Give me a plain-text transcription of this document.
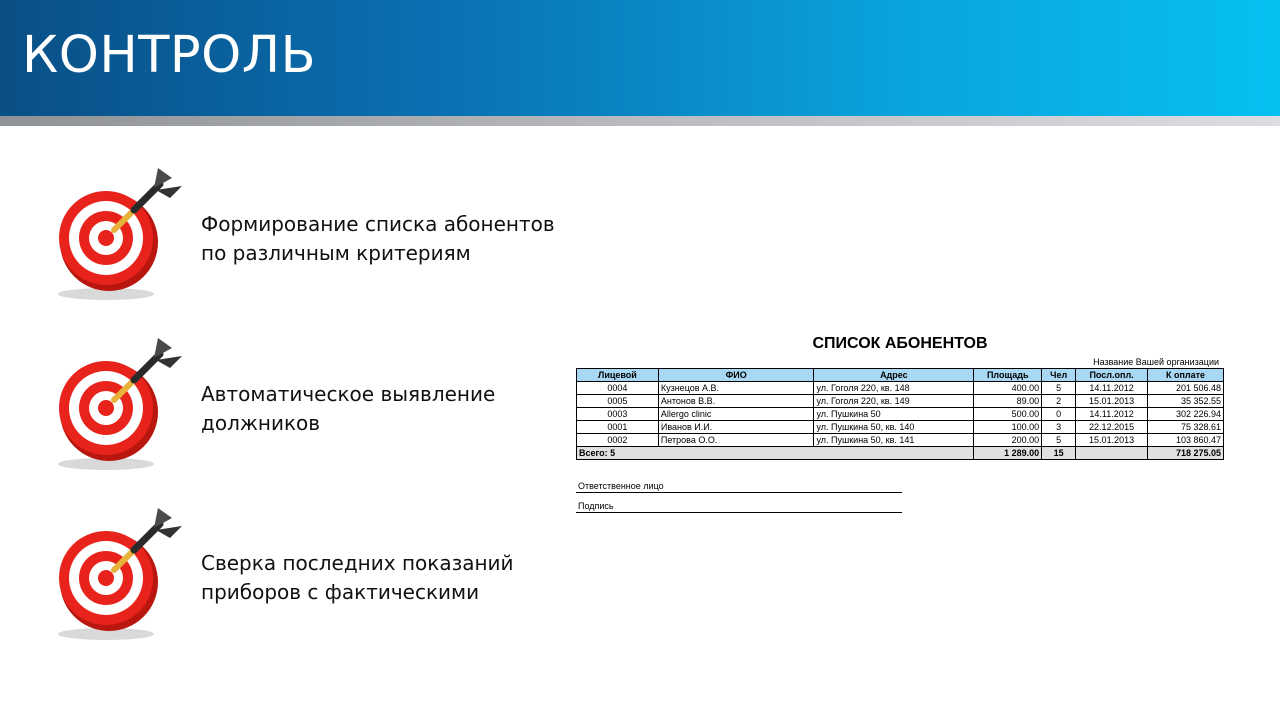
КОНТРОЛЬ
Формирование списка абонентов
по различным критериям
Автоматическое выявление
должников
Сверка последних показаний
приборов с фактическими
СПИСОК АБОНЕНТОВ
Название Вашей организации
Лицевой	ФИО	Адрес	Площадь	Чел	Посл.опл.	К оплате
0004	Кузнецов А.В.	ул. Гоголя 220, кв. 148	400.00	5	14.11.2012	201 506.48
0005	Антонов В.В.	ул. Гоголя 220, кв. 149	89.00	2	15.01.2013	35 352.55
0003	Allergo clinic	ул. Пушкина 50	500.00	0	14.11.2012	302 226.94
0001	Иванов И.И.	ул. Пушкина 50, кв. 140	100.00	3	22.12.2015	75 328.61
0002	Петрова О.О.	ул. Пушкина 50, кв. 141	200.00	5	15.01.2013	103 860.47
Всего: 5			1 289.00	15		718 275.05
Ответственное лицо
Подпись
